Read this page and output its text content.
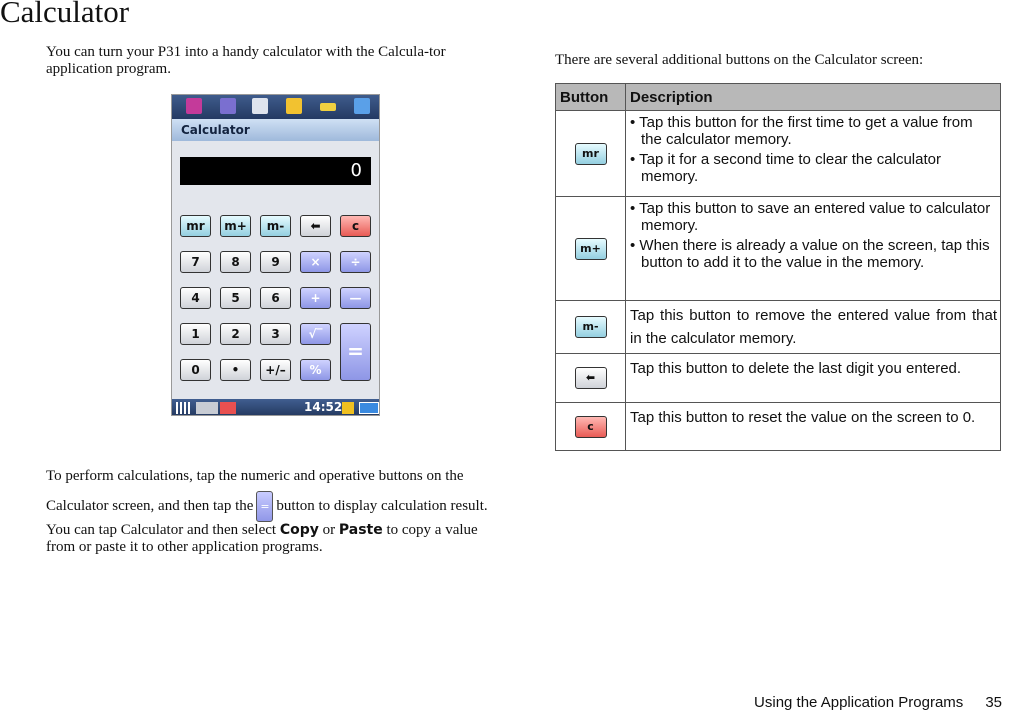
Calculator
You can turn your P31 into a handy calculator with the Calcula-tor application program.
Calculator
0
mr	m+	m-	⬅	c
7	8	9	×	÷
4	5	6	+	—
1	2	3	√‾
=
0	•	+/–	%
14:52
To perform calculations, tap the numeric and operative buttons on the Calculator screen, and then tap the = button to display calculation result.
You can tap Calculator and then select Copy or Paste to copy a value from or paste it to other application programs.
There are several additional buttons on the Calculator screen:
Button	Description
mr	• Tap this button for the first time to get a value from the calculator memory.
• Tap it for a second time to clear the calculator memory.

m+	• Tap this button to save an entered value to calculator memory.
• When there is already a value on the screen, tap this button to add it to the value in the memory.

m-	Tap this button to remove the entered value from that in the calculator memory.
⬅	Tap this button to delete the last digit you entered.
c	Tap this button to reset the value on the screen to 0.
Using the Application Programs 35
